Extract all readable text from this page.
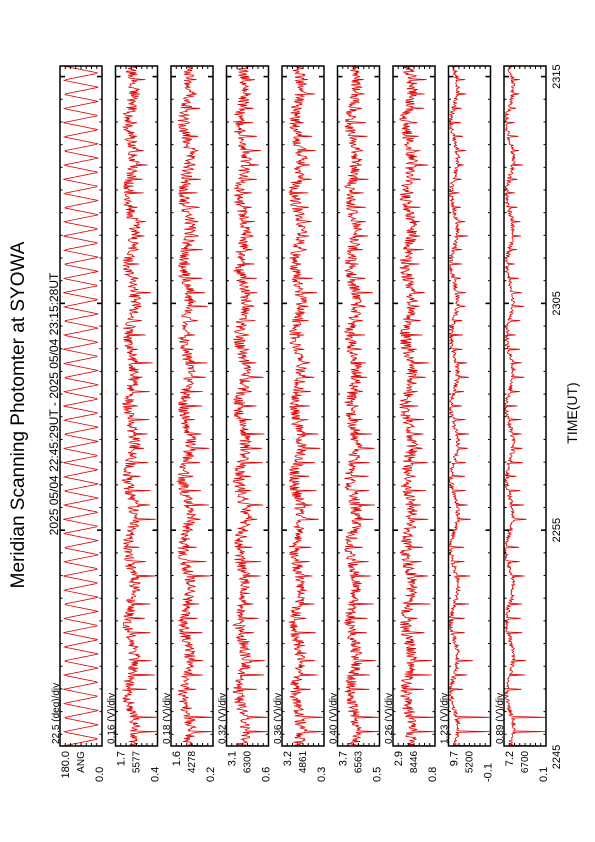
Meridian Scanning Photomter at SYOWA 2025 05/04 22:45:29UT - 2025 05/04 23:15:28UT	TIME(UT)
180.0 ANG
0.0
22.5 (deg)/div
1.7 5577
0.4
0.16 (V)/div
1.6 4278
0.2
0.18 (V)/div
3.1 6300
0.6
0.32 (V)/div
3.2 4861
0.3
0.36 (V)/div
3.7 6563
0.5
0.40 (V)/div
2.9 8446
0.8
0.26 (V)/div
9.7 5200 -0.1
1.23 (V)/div
7.2 6700
0.1
0.89 (V)/div
2245
2255
2305
2315
